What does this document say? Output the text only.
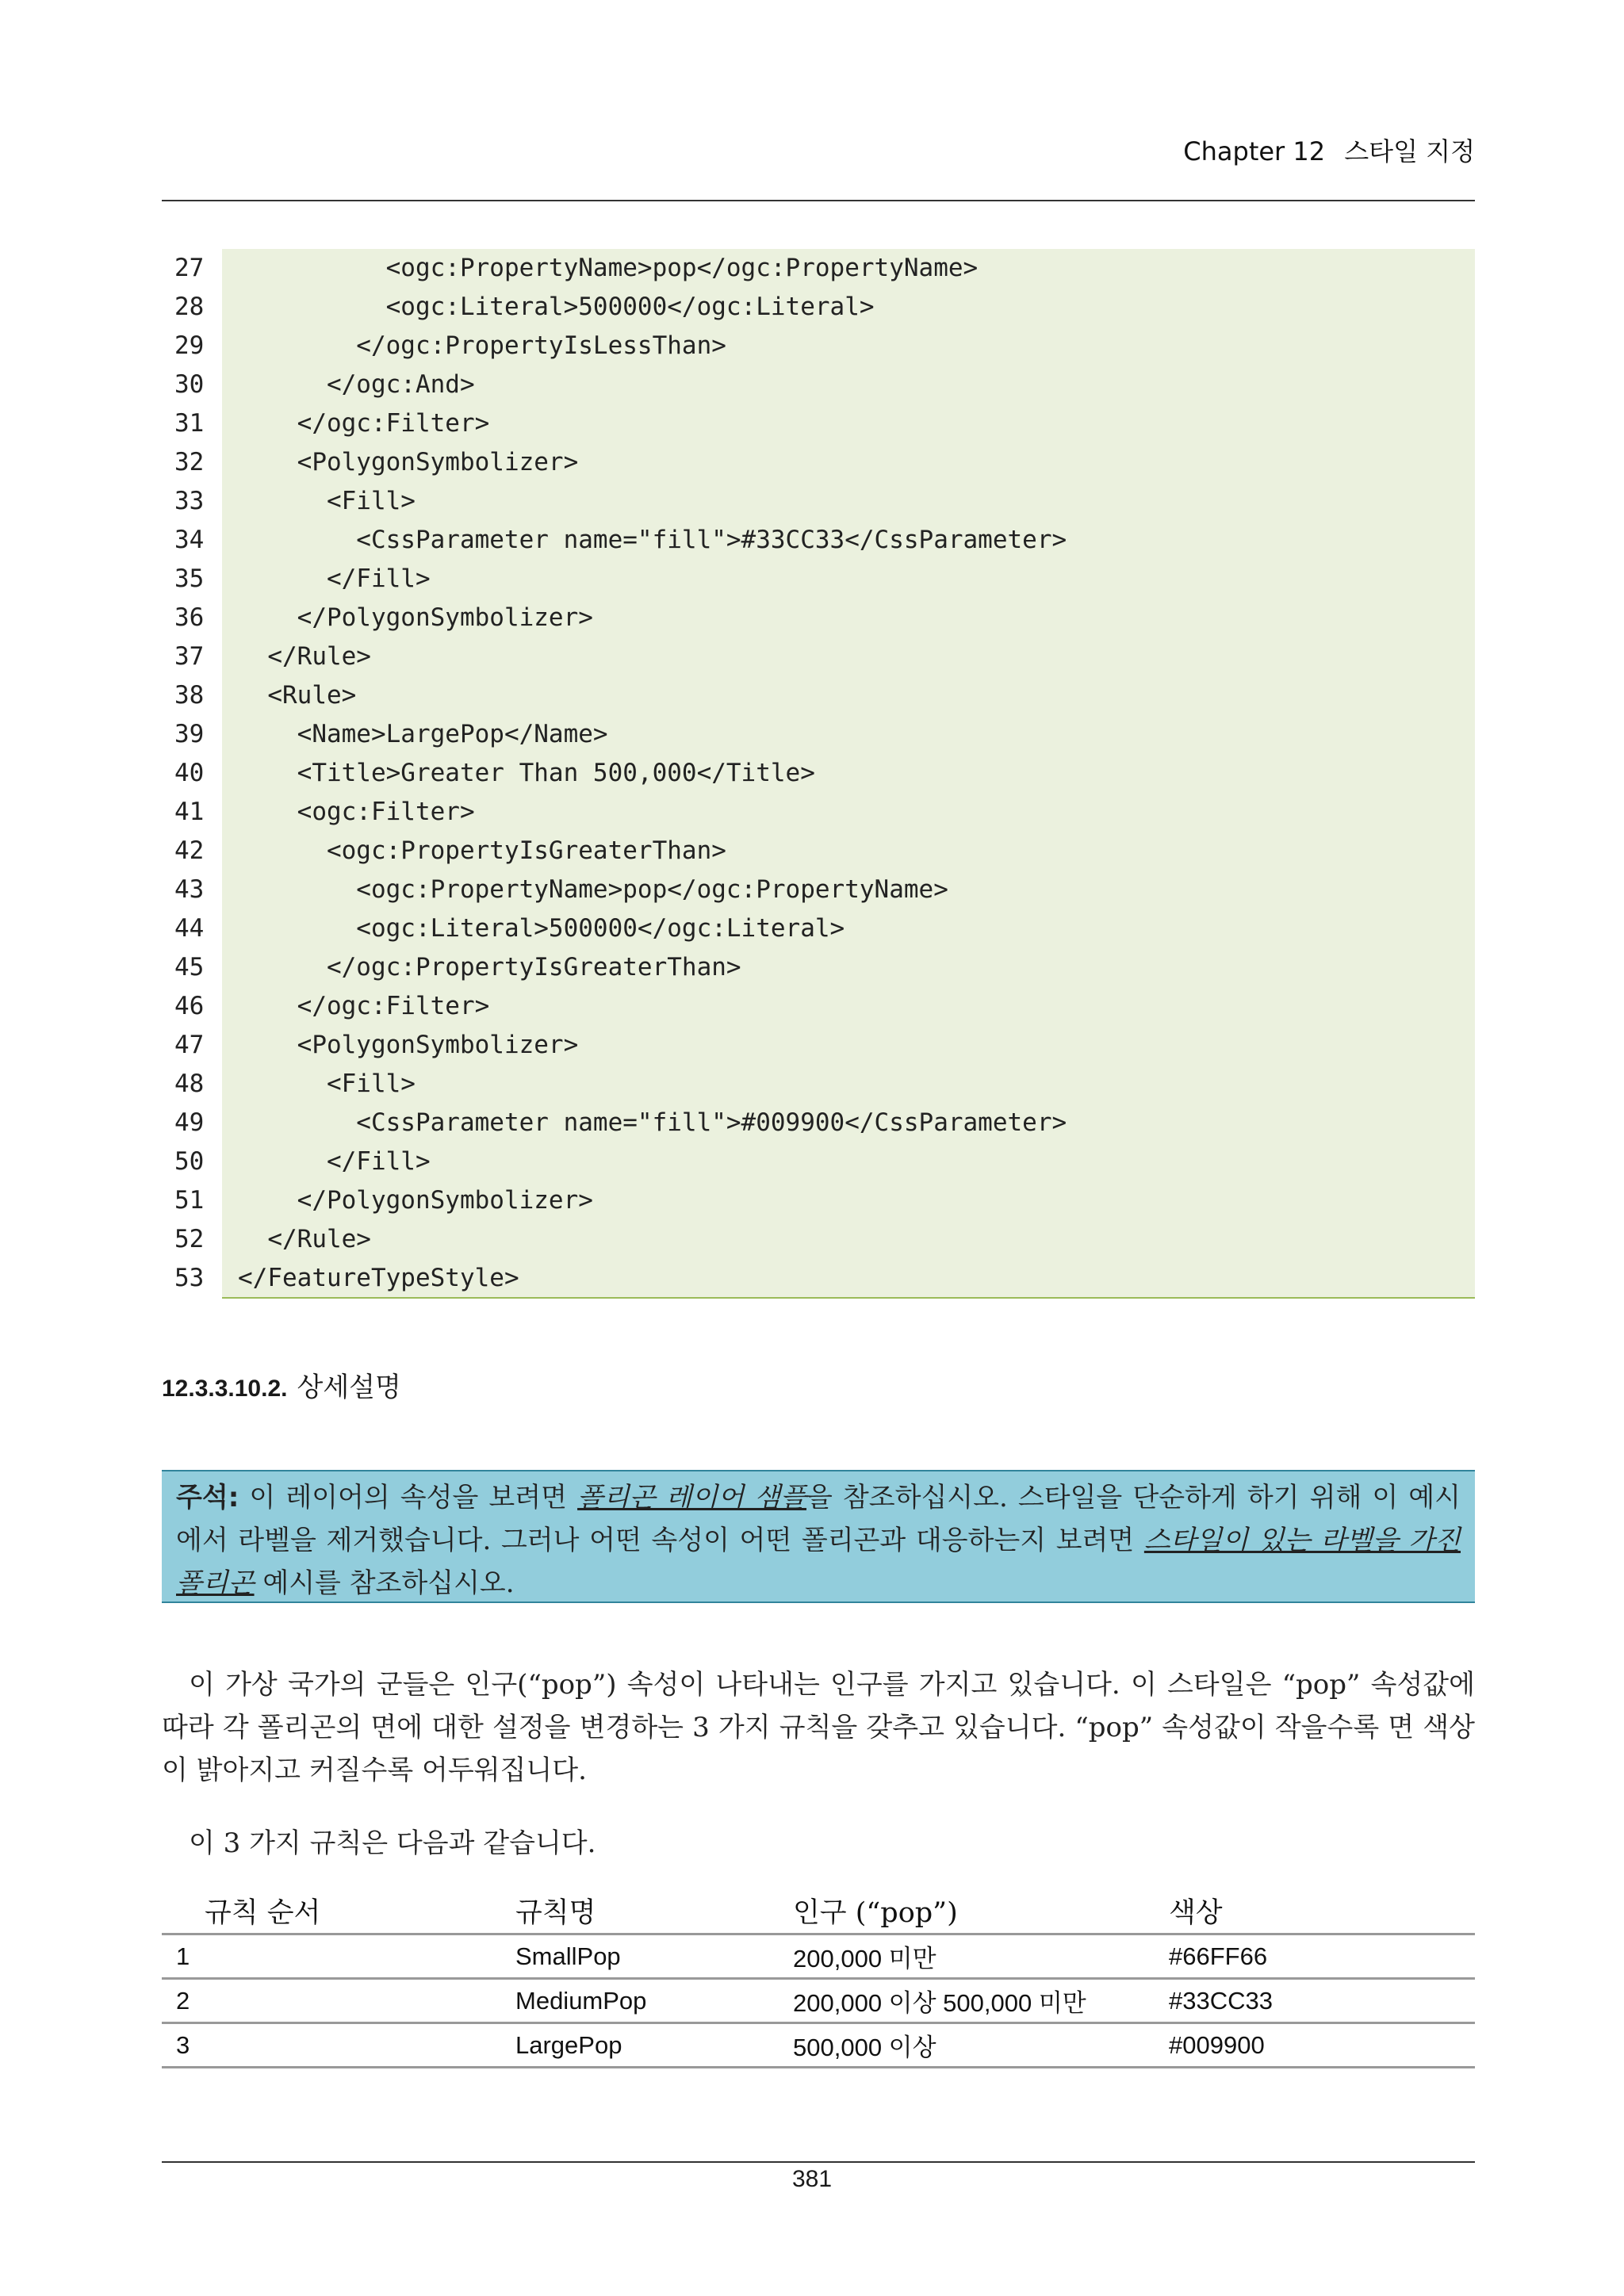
Chapter 12 스타일 지정
27	<ogc:PropertyName>pop</ogc:PropertyName>
28	<ogc:Literal>500000</ogc:Literal>
29	</ogc:PropertyIsLessThan>
30	</ogc:And>
31	</ogc:Filter>
32	<PolygonSymbolizer>
33	<Fill>
34	<CssParameter name="fill">#33CC33</CssParameter>
35	</Fill>
36	</PolygonSymbolizer>
37	</Rule>
38	<Rule>
39	<Name>LargePop</Name>
40	<Title>Greater Than 500,000</Title>
41	<ogc:Filter>
42	<ogc:PropertyIsGreaterThan>
43	<ogc:PropertyName>pop</ogc:PropertyName>
44	<ogc:Literal>500000</ogc:Literal>
45	</ogc:PropertyIsGreaterThan>
46	</ogc:Filter>
47	<PolygonSymbolizer>
48	<Fill>
49	<CssParameter name="fill">#009900</CssParameter>
50	</Fill>
51	</PolygonSymbolizer>
52	</Rule>
53	</FeatureTypeStyle>
12.3.3.10.2. 상세설명
주석: 이 레이어의 속성을 보려면 폴리곤 레이어 샘플을 참조하십시오. 스타일을 단순하게 하기 위해 이 예시에서 라벨을 제거했습니다. 그러나 어떤 속성이 어떤 폴리곤과 대응하는지 보려면 스타일이 있는 라벨을 가진 폴리곤 예시를 참조하십시오.
이 가상 국가의 군들은 인구(“pop”) 속성이 나타내는 인구를 가지고 있습니다. 이 스타일은 “pop” 속성값에 따라 각 폴리곤의 면에 대한 설정을 변경하는 3 가지 규칙을 갖추고 있습니다. “pop” 속성값이 작을수록 면 색상이 밝아지고 커질수록 어두워집니다.
이 3 가지 규칙은 다음과 같습니다.
규칙 순서	규칙명	인구 (“pop”)	색상
1	SmallPop	200,000 미만	#66FF66
2	MediumPop	200,000 이상 500,000 미만	#33CC33
3	LargePop	500,000 이상	#009900
381
